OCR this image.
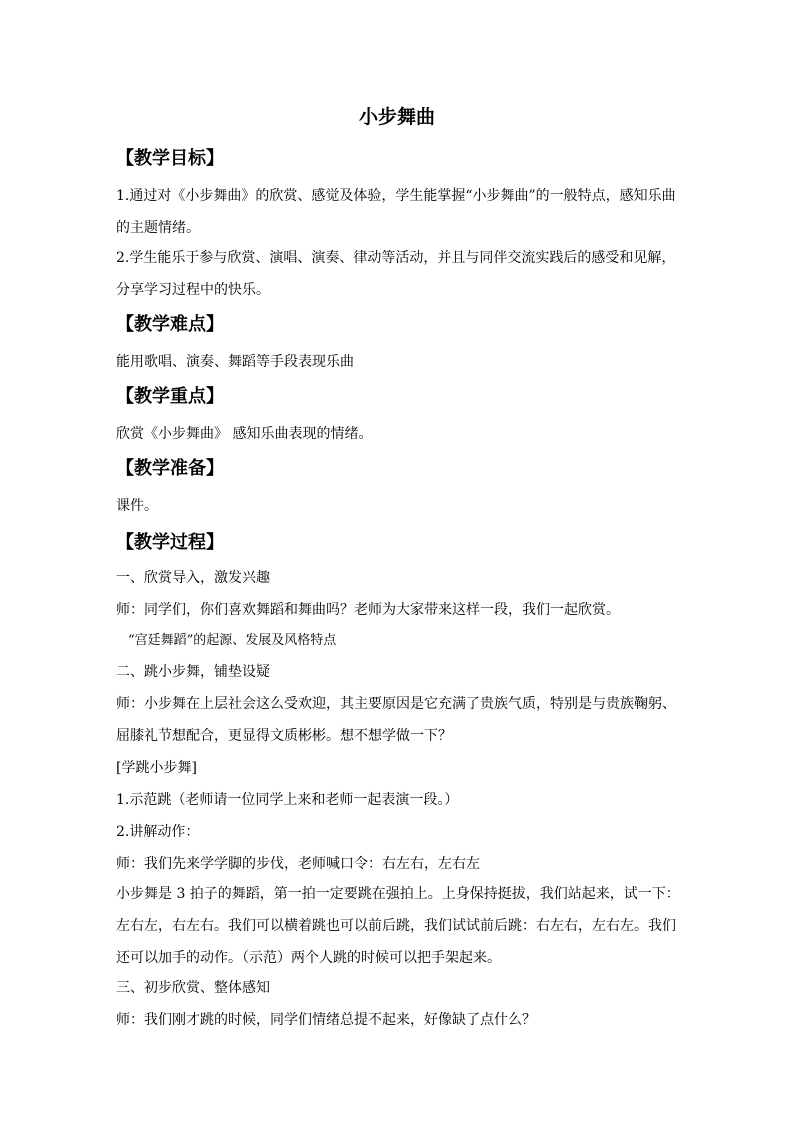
小步舞曲
【教学目标】
1.通过对《小步舞曲》的欣赏、感觉及体验，学生能掌握“小步舞曲”的一般特点，感知乐曲的主题情绪。
2.学生能乐于参与欣赏、演唱、演奏、律动等活动，并且与同伴交流实践后的感受和见解，分享学习过程中的快乐。
【教学难点】
能用歌唱、演奏、舞蹈等手段表现乐曲
【教学重点】
欣赏《小步舞曲》 感知乐曲表现的情绪。
【教学准备】
课件。
【教学过程】
一、欣赏导入，激发兴趣
师：同学们，你们喜欢舞蹈和舞曲吗？老师为大家带来这样一段，我们一起欣赏。
“宫廷舞蹈”的起源、发展及风格特点
二、跳小步舞，铺垫设疑
师：小步舞在上层社会这么受欢迎，其主要原因是它充满了贵族气质，特别是与贵族鞠躬、屈膝礼节想配合，更显得文质彬彬。想不想学做一下？
[学跳小步舞]
1.示范跳（老师请一位同学上来和老师一起表演一段。）
2.讲解动作：
师：我们先来学学脚的步伐，老师喊口令：右左右，左右左
小步舞是 3 拍子的舞蹈，第一拍一定要跳在强拍上。上身保持挺拔，我们站起来，试一下：左右左，右左右。我们可以横着跳也可以前后跳，我们试试前后跳：右左右，左右左。我们还可以加手的动作。（示范）两个人跳的时候可以把手架起来。
三、初步欣赏、整体感知
师：我们刚才跳的时候，同学们情绪总提不起来，好像缺了点什么？
